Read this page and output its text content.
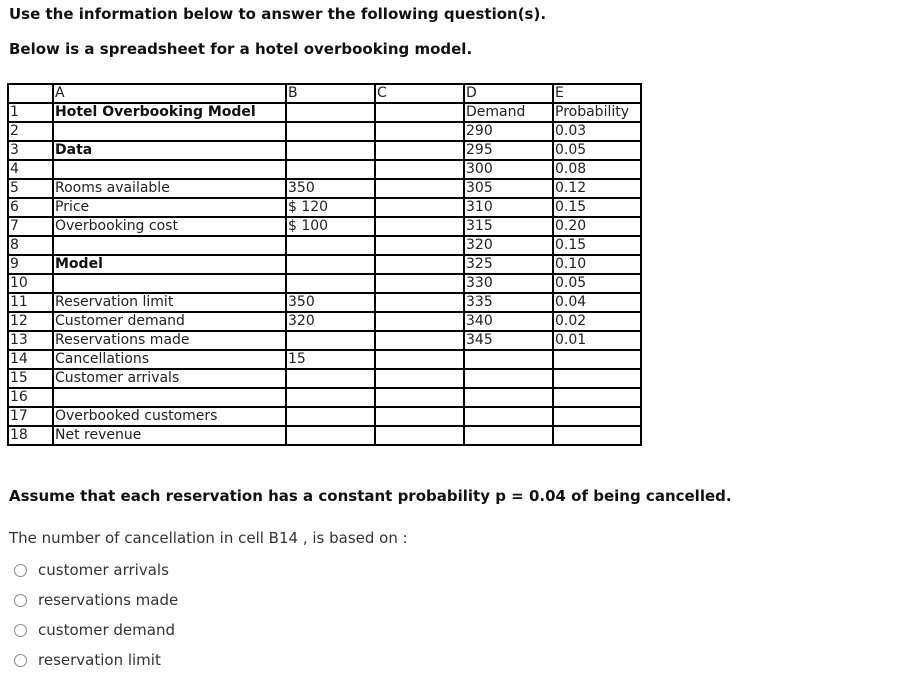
Use the information below to answer the following question(s).
Below is a spreadsheet for a hotel overbooking model.
	A	B	C	D	E
1	Hotel Overbooking Model			Demand	Probability
2				290	0.03
3	Data			295	0.05
4				300	0.08
5	Rooms available	350		305	0.12
6	Price	$ 120		310	0.15
7	Overbooking cost	$ 100		315	0.20
8				320	0.15
9	Model			325	0.10
10				330	0.05
11	Reservation limit	350		335	0.04
12	Customer demand	320		340	0.02
13	Reservations made			345	0.01
14	Cancellations	15			
15	Customer arrivals				
16					
17	Overbooked customers				
18	Net revenue				
Assume that each reservation has a constant probability p = 0.04 of being cancelled.
The number of cancellation in cell B14 , is based on :
customer arrivals
reservations made
customer demand
reservation limit
